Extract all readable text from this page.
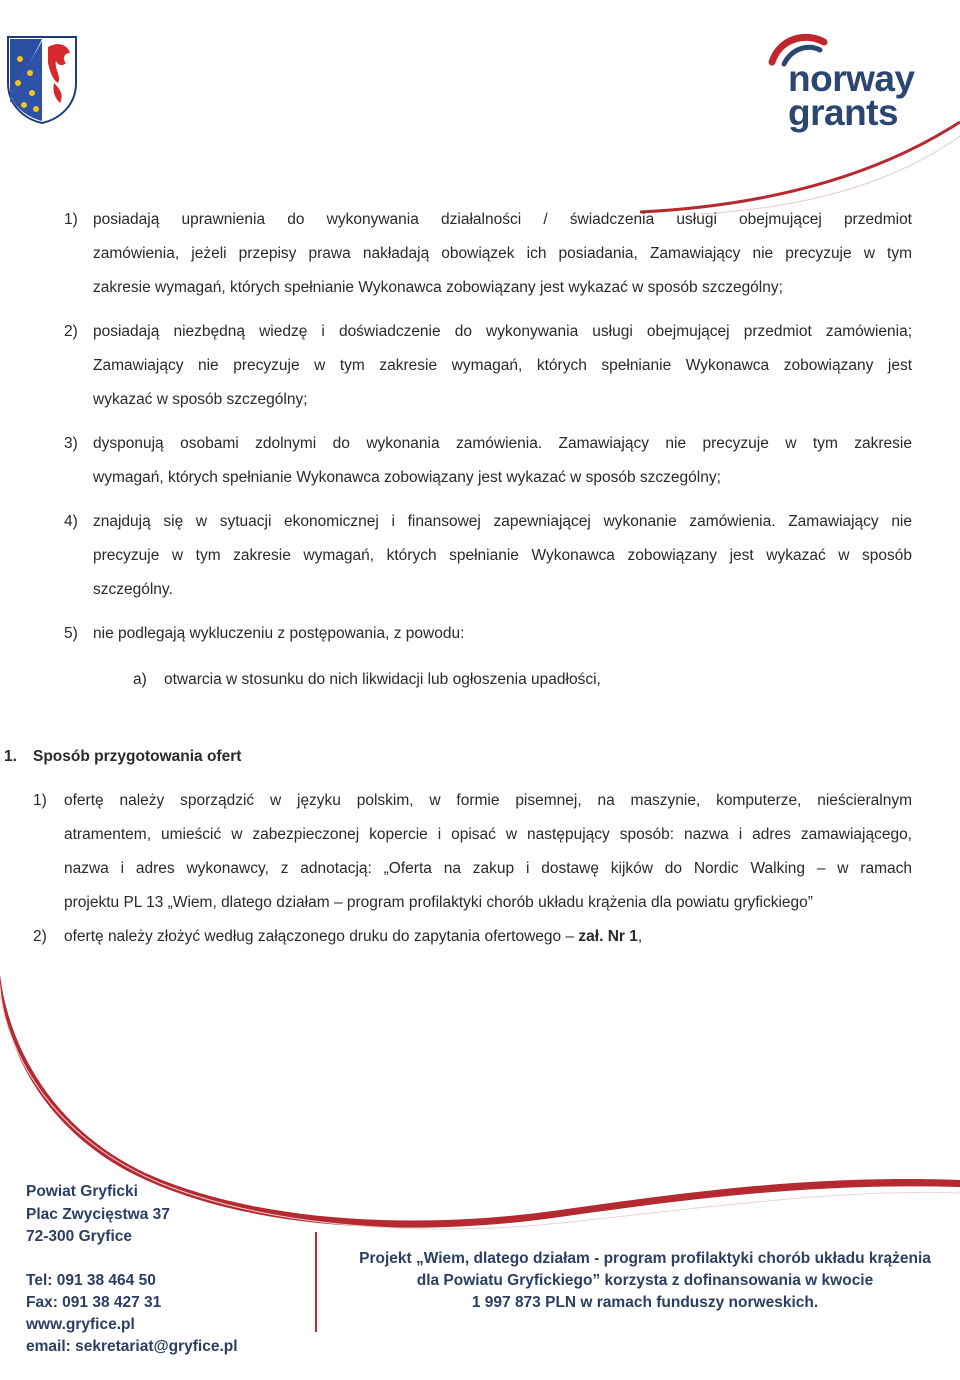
norway
grants
1) posiadają uprawnienia do wykonywania działalności / świadczenia usługi obejmującej przedmiot
zamówienia, jeżeli przepisy prawa nakładają obowiązek ich posiadania, Zamawiający nie precyzuje w tym
zakresie wymagań, których spełnianie Wykonawca zobowiązany jest wykazać w sposób szczególny;
2) posiadają niezbędną wiedzę i doświadczenie do wykonywania usługi obejmującej przedmiot zamówienia;
Zamawiający nie precyzuje w tym zakresie wymagań, których spełnianie Wykonawca zobowiązany jest
wykazać w sposób szczególny;
3) dysponują osobami zdolnymi do wykonania zamówienia. Zamawiający nie precyzuje w tym zakresie
wymagań, których spełnianie Wykonawca zobowiązany jest wykazać w sposób szczególny;
4) znajdują się w sytuacji ekonomicznej i finansowej zapewniającej wykonanie zamówienia. Zamawiający nie
precyzuje w tym zakresie wymagań, których spełnianie Wykonawca zobowiązany jest wykazać w sposób
szczególny.
5) nie podlegają wykluczeniu z postępowania, z powodu:
a) otwarcia w stosunku do nich likwidacji lub ogłoszenia upadłości,
1. Sposób przygotowania ofert
1) ofertę należy sporządzić w języku polskim, w formie pisemnej, na maszynie, komputerze, nieścieralnym
atramentem, umieścić w zabezpieczonej kopercie i opisać w następujący sposób: nazwa i adres zamawiającego,
nazwa i adres wykonawcy, z adnotacją: „Oferta na zakup i dostawę kijków do Nordic Walking – w ramach
projektu PL 13 „Wiem, dlatego działam – program profilaktyki chorób układu krążenia dla powiatu gryfickiego”
2) ofertę należy złożyć według załączonego druku do zapytania ofertowego – zał. Nr 1,
Powiat Gryficki
Plac Zwycięstwa 37
72-300 Gryfice
Tel: 091 38 464 50
Fax: 091 38 427 31
www.gryfice.pl
email: sekretariat@gryfice.pl
Projekt „Wiem, dlatego działam - program profilaktyki chorób układu krążenia
dla Powiatu Gryfickiego” korzysta z dofinansowania w kwocie
1 997 873 PLN w ramach funduszy norweskich.
